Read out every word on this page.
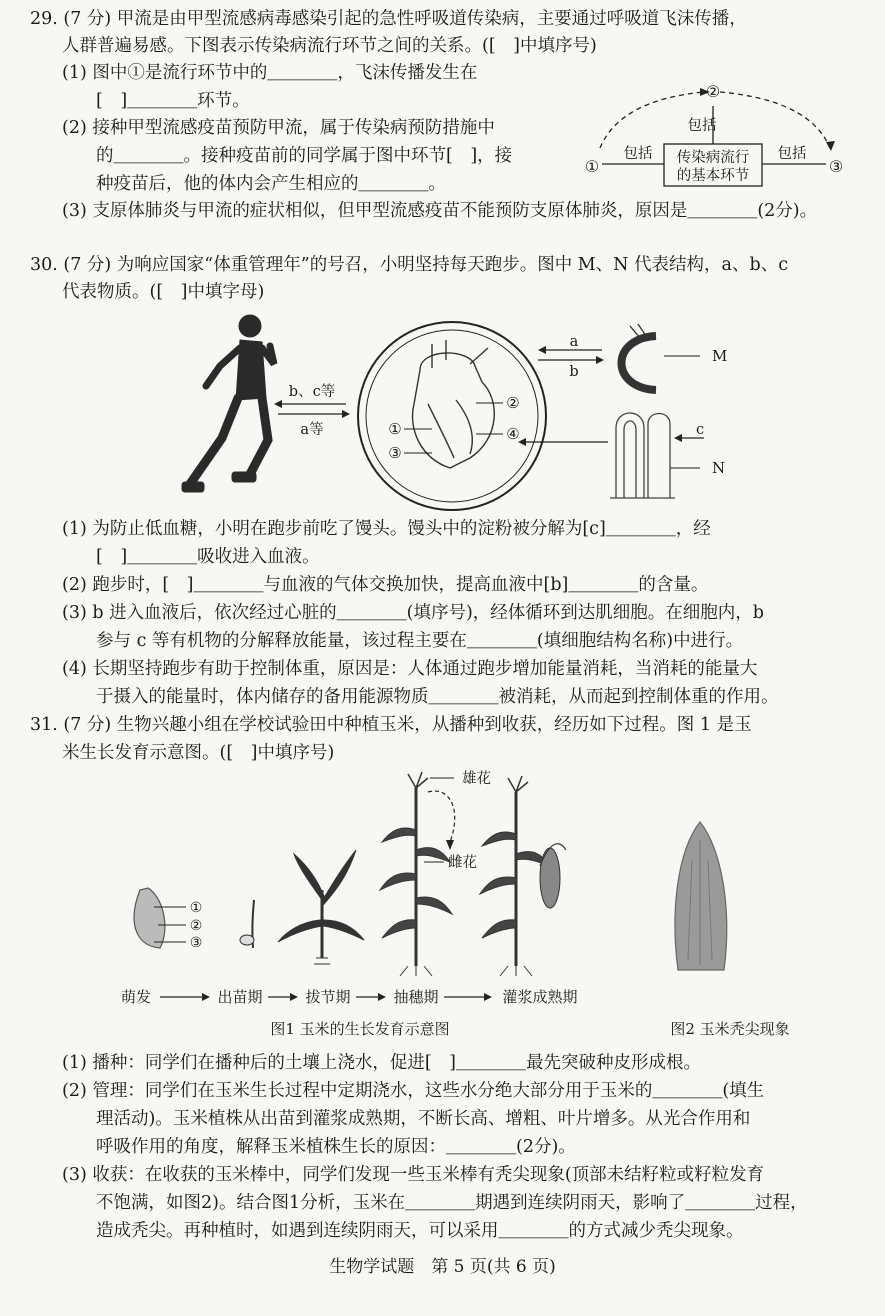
29. (7 分) 甲流是由甲型流感病毒感染引起的急性呼吸道传染病，主要通过呼吸道飞沫传播，
人群普遍易感。下图表示传染病流行环节之间的关系。([　]中填序号)
(1) 图中①是流行环节中的＿＿＿＿，飞沫传播发生在
[　]＿＿＿＿环节。
(2) 接种甲型流感疫苗预防甲流，属于传染病预防措施中
的＿＿＿＿。接种疫苗前的同学属于图中环节[　]，接
种疫苗后，他的体内会产生相应的＿＿＿＿。
(3) 支原体肺炎与甲流的症状相似，但甲型流感疫苗不能预防支原体肺炎，原因是＿＿＿＿(2分)。
②
①	③
传染病流行
的基本环节
包括
包括	包括
30. (7 分) 为响应国家“体重管理年”的号召，小明坚持每天跑步。图中 M、N 代表结构，a、b、c
代表物质。([　]中填字母)
b、c等
a等	①
②
③
④
a
b
M
c
N
(1) 为防止低血糖，小明在跑步前吃了馒头。馒头中的淀粉被分解为[c]＿＿＿＿，经
[　]＿＿＿＿吸收进入血液。
(2) 跑步时，[　]＿＿＿＿与血液的气体交换加快，提高血液中[b]＿＿＿＿的含量。
(3) b 进入血液后，依次经过心脏的＿＿＿＿(填序号)，经体循环到达肌细胞。在细胞内，b
参与 c 等有机物的分解释放能量，该过程主要在＿＿＿＿(填细胞结构名称)中进行。
(4) 长期坚持跑步有助于控制体重，原因是：人体通过跑步增加能量消耗，当消耗的能量大
于摄入的能量时，体内储存的备用能源物质＿＿＿＿被消耗，从而起到控制体重的作用。
31. (7 分) 生物兴趣小组在学校试验田中种植玉米，从播种到收获，经历如下过程。图 1 是玉
米生长发育示意图。([　]中填序号)
①
②
③
雄花
雌花
萌发	出苗期	拔节期	抽穗期	灌浆成熟期
图1 玉米的生长发育示意图	图2 玉米秃尖现象
(1) 播种：同学们在播种后的土壤上浇水，促进[　]＿＿＿＿最先突破种皮形成根。
(2) 管理：同学们在玉米生长过程中定期浇水，这些水分绝大部分用于玉米的＿＿＿＿(填生
理活动)。玉米植株从出苗到灌浆成熟期，不断长高、增粗、叶片增多。从光合作用和
呼吸作用的角度，解释玉米植株生长的原因：＿＿＿＿(2分)。
(3) 收获：在收获的玉米棒中，同学们发现一些玉米棒有秃尖现象(顶部未结籽粒或籽粒发育
不饱满，如图2)。结合图1分析，玉米在＿＿＿＿期遇到连续阴雨天，影响了＿＿＿＿过程，
造成秃尖。再种植时，如遇到连续阴雨天，可以采用＿＿＿＿的方式减少秃尖现象。
生物学试题　第 5 页(共 6 页)
